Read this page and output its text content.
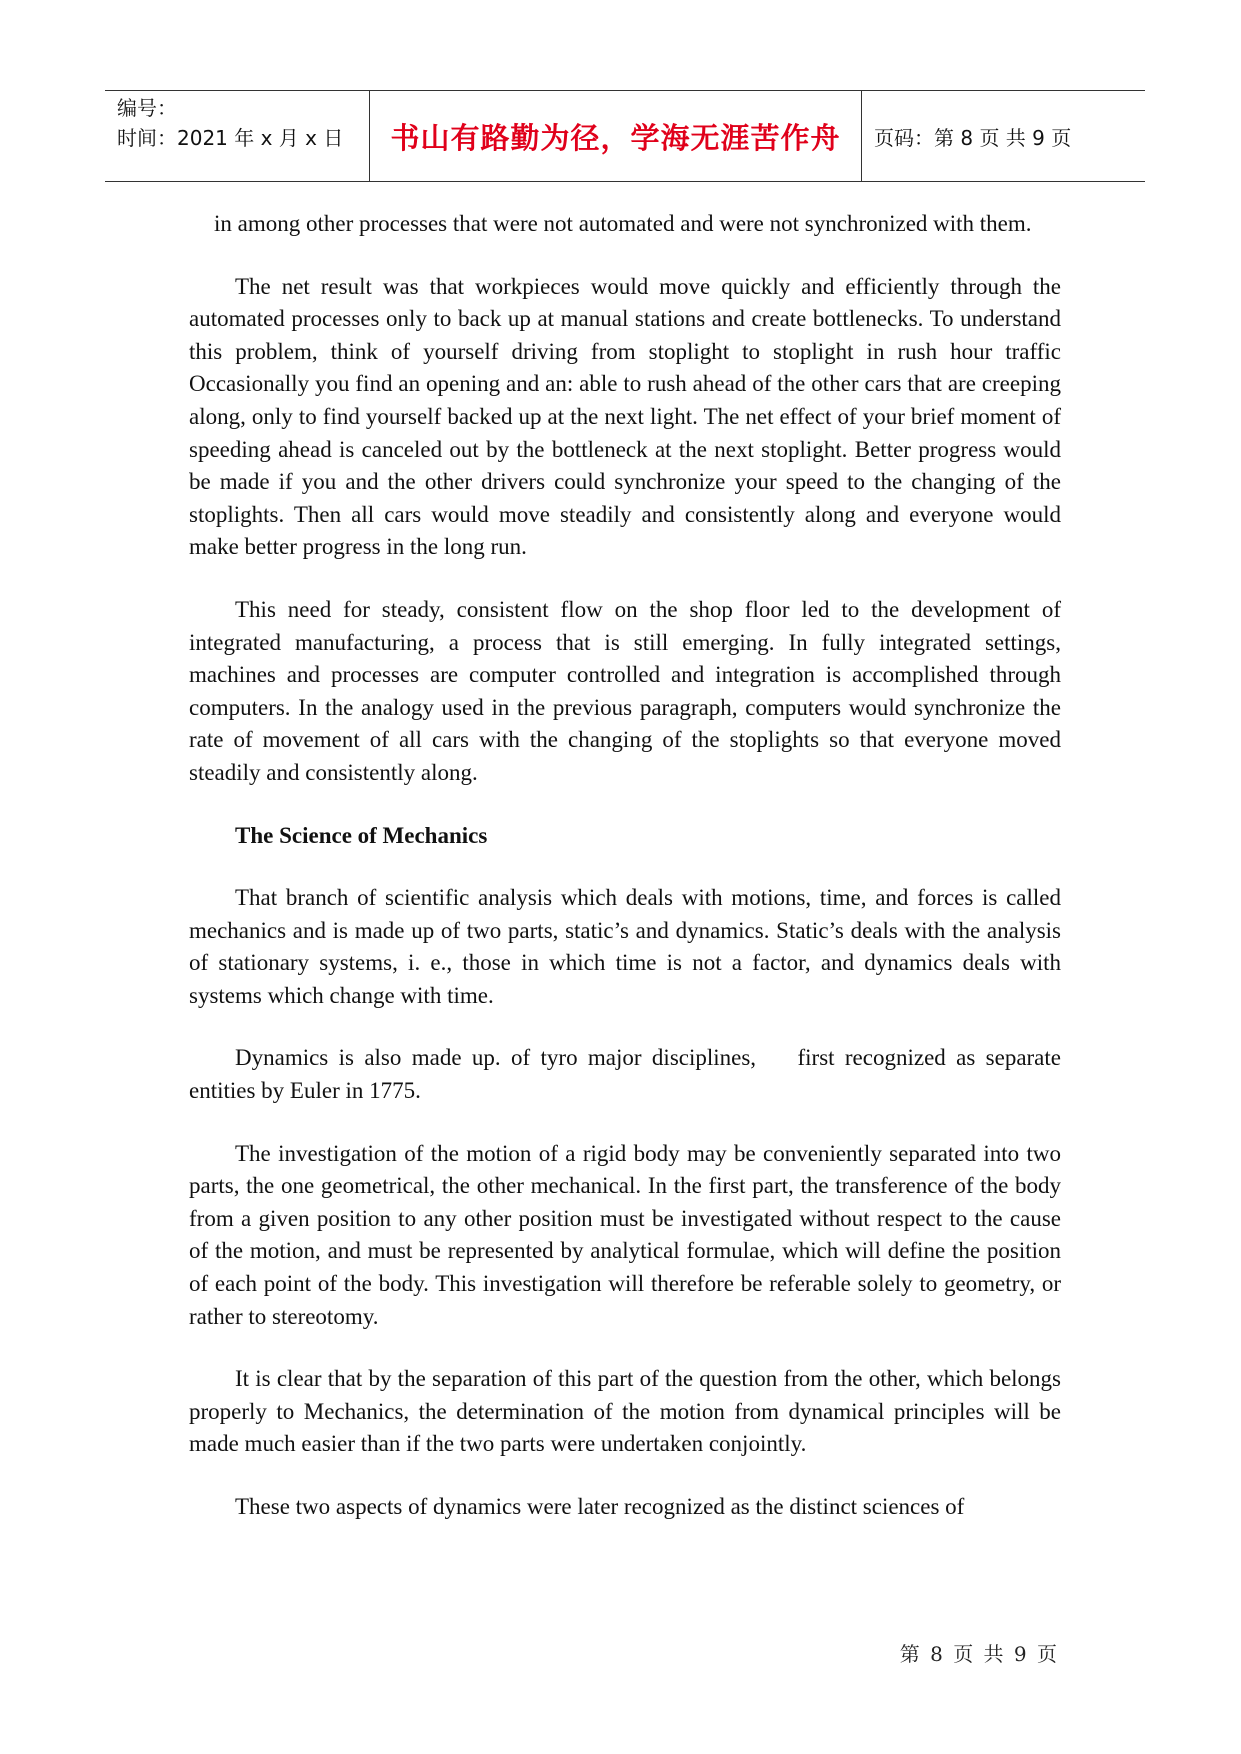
编号：
时间：2021 年 x 月 x 日	书山有路勤为径，学海无涯苦作舟	页码：第 8 页 共 9 页

in among other processes that were not automated and were not synchronized with them.

The net result was that workpieces would move quickly and efficiently through the automated processes only to back up at manual stations and create bottlenecks. To understand this problem, think of yourself driving from stoplight to stoplight in rush hour traffic Occasionally you find an opening and an: able to rush ahead of the other cars that are creeping along, only to find yourself backed up at the next light. The net effect of your brief moment of speeding ahead is canceled out by the bottleneck at the next stoplight. Better progress would be made if you and the other drivers could synchronize your speed to the changing of the stoplights. Then all cars would move steadily and consistently along and everyone would make better progress in the long run.

This need for steady, consistent flow on the shop floor led to the development of integrated manufacturing, a process that is still emerging. In fully integrated settings, machines and processes are computer controlled and integration is accomplished through computers. In the analogy used in the previous paragraph, computers would synchronize the rate of movement of all cars with the changing of the stoplights so that everyone moved steadily and consistently along.

The Science of Mechanics

That branch of scientific analysis which deals with motions, time, and forces is called mechanics and is made up of two parts, static’s and dynamics. Static’s deals with the analysis of stationary systems, i. e., those in which time is not a factor, and dynamics deals with systems which change with time.

Dynamics is also made up. of tyro major disciplines,    first recognized as separate entities by Euler in 1775.

The investigation of the motion of a rigid body may be conveniently separated into two parts, the one geometrical, the other mechanical. In the first part, the transference of the body from a given position to any other position must be investigated without respect to the cause of the motion, and must be represented by analytical formulae, which will define the position of each point of the body. This investigation will therefore be referable solely to geometry, or rather to stereotomy.

It is clear that by the separation of this part of the question from the other, which belongs properly to Mechanics, the determination of the motion from dynamical principles will be made much easier than if the two parts were undertaken conjointly.

These two aspects of dynamics were later recognized as the distinct sciences of

第 8 页 共 9 页
